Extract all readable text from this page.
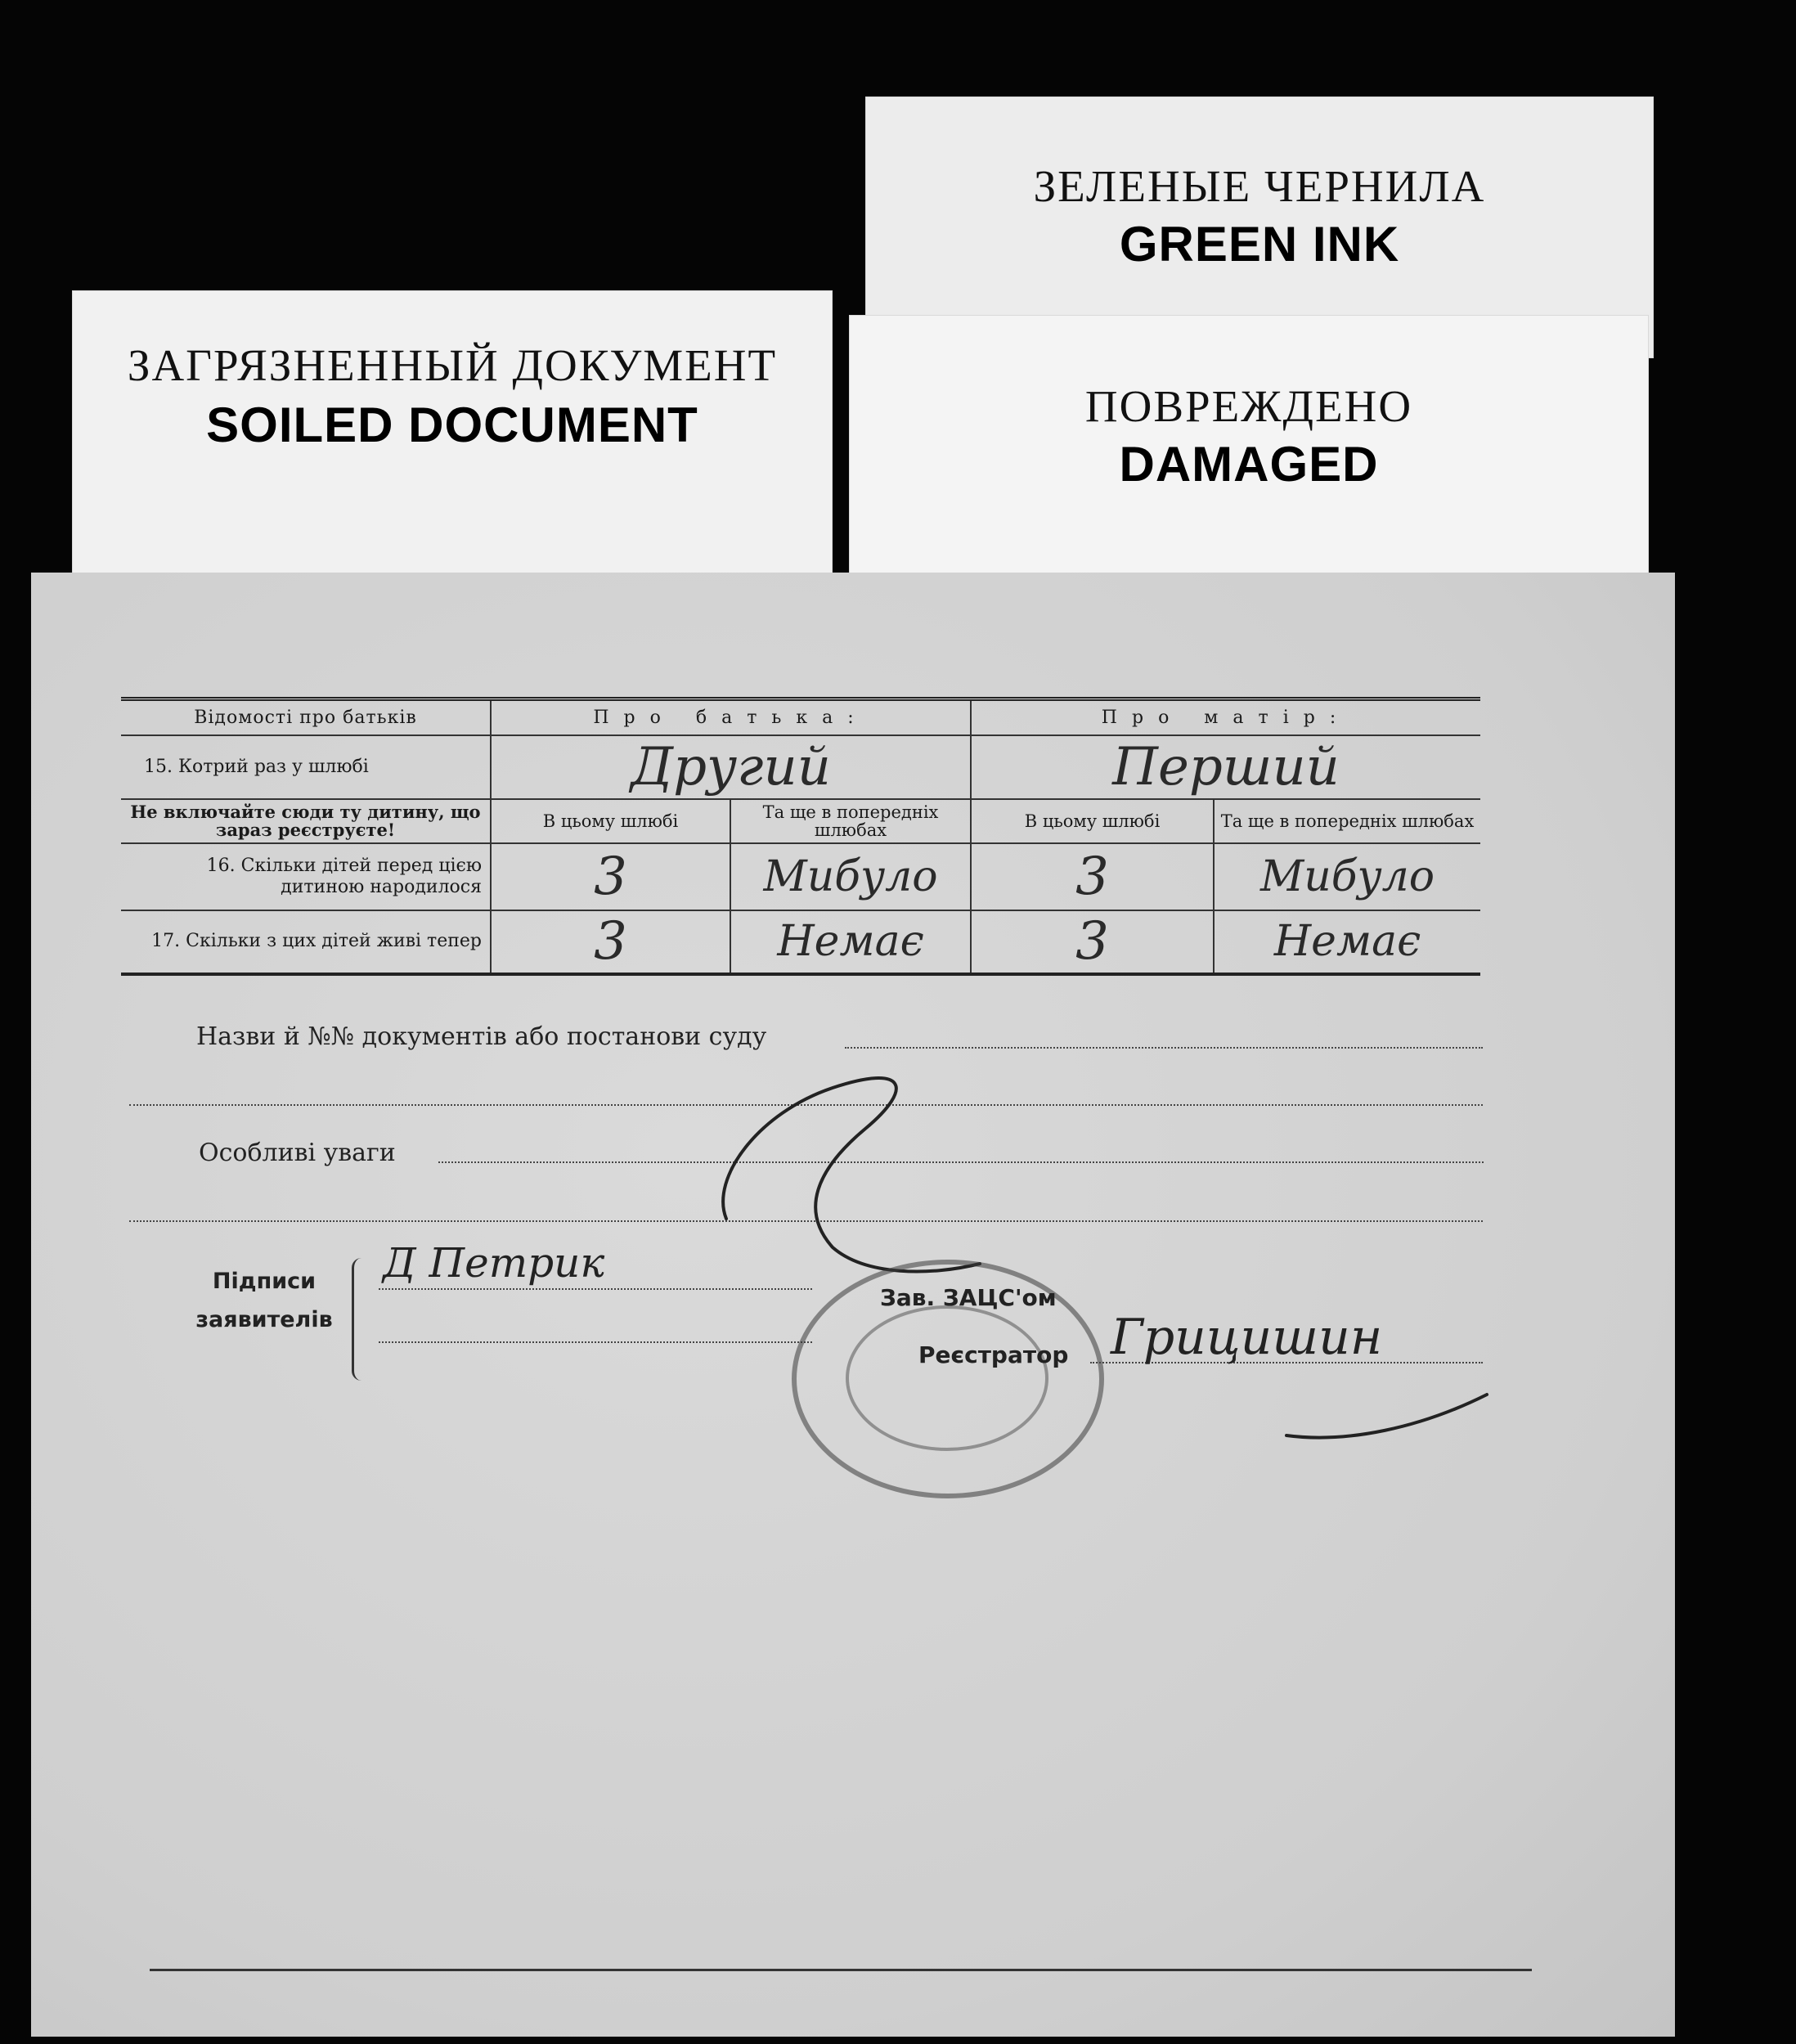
ЗЕЛЕНЫЕ ЧЕРНИЛА
GREEN INK
ЗАГРЯЗНЕННЫЙ ДОКУМЕНТ
SOILED DOCUMENT	ПОВРЕЖДЕНО
DAMAGED
Відомості про батьків	Про батька:		Про матір:	
15. Котрий раз у шлюбі	Другий		Перший	
Не включайте сюди ту дитину, що зараз реєструєте!	В цьому шлюбі	Та ще в попередніх шлюбах	В цьому шлюбі	Та ще в попередніх шлюбах
16. Скільки дітей перед цією дитиною народилося	3	Мибуло	3	Мибуло
17. Скільки з цих дітей живі тепер	3	Немає	3	Немає
Назви й №№ документів або постанови суду
Особливі уваги
Підписи
заявителів
Д Петрик
Зав. ЗАЦС'ом
Реєстратор Грицишин
